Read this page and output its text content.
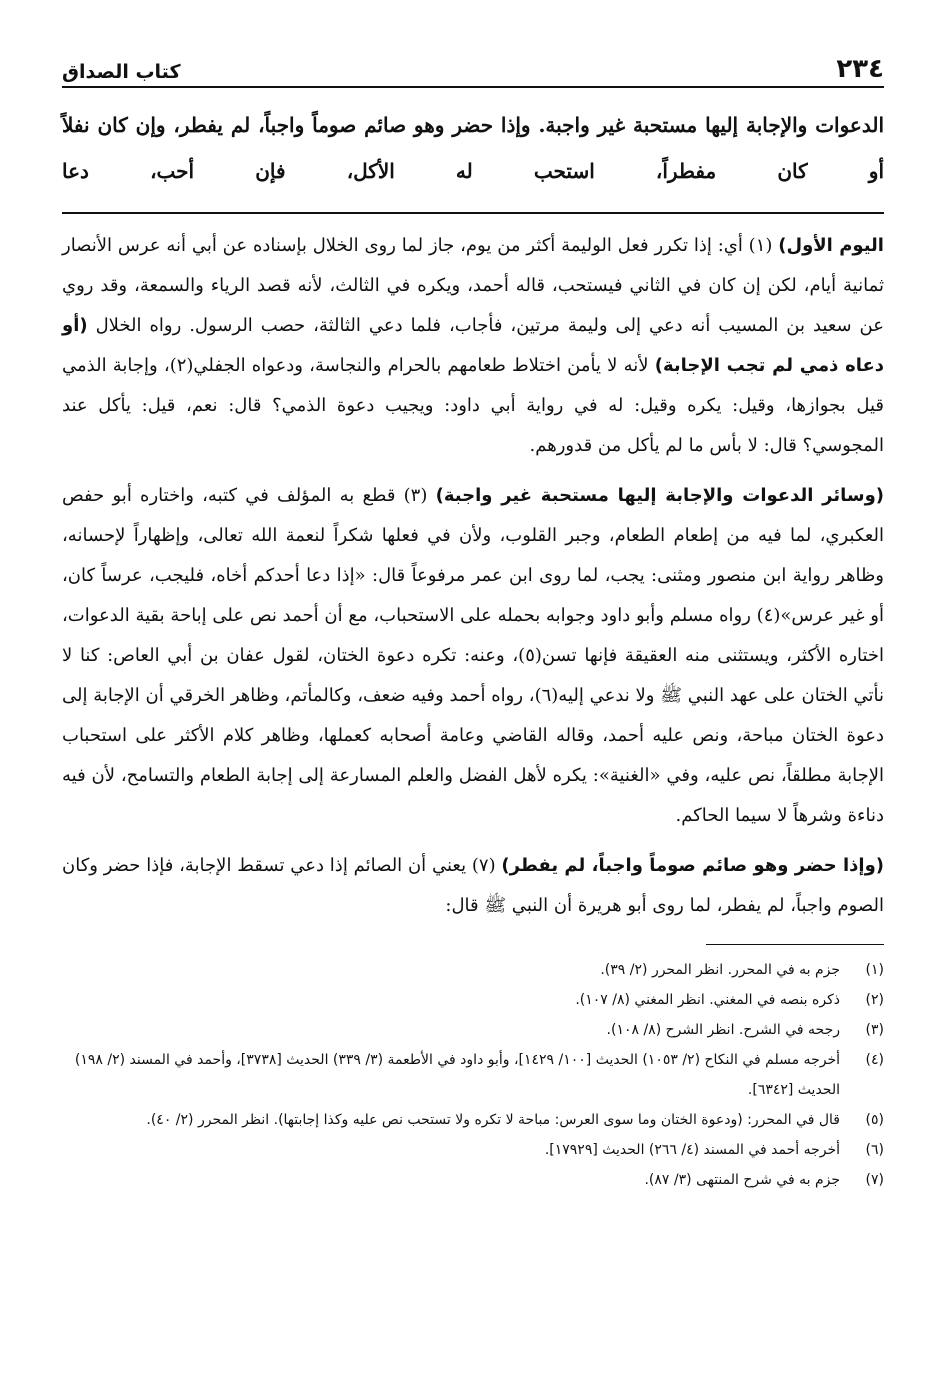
٢٣٤
كتاب الصداق
الدعوات والإجابة إليها مستحبة غير واجبة. وإذا حضر وهو صائم صوماً واجباً، لم يفطر، وإن كان نفلاً أو كان مفطراً، استحب له الأكل، فإن أحب، دعا

اليوم الأول) (١) أي: إذا تكرر فعل الوليمة أكثر من يوم، جاز لما روى الخلال بإسناده عن أبي أنه عرس الأنصار ثمانية أيام، لكن إن كان في الثاني فيستحب، قاله أحمد، ويكره في الثالث، لأنه قصد الرياء والسمعة، وقد روي عن سعيد بن المسيب أنه دعي إلى وليمة مرتين، فأجاب، فلما دعي الثالثة، حصب الرسول. رواه الخلال (أو دعاه ذمي لم تجب الإجابة) لأنه لا يأمن اختلاط طعامهم بالحرام والنجاسة، ودعواه الجفلي(٢)، وإجابة الذمي قيل بجوازها، وقيل: يكره وقيل: له في رواية أبي داود: ويجيب دعوة الذمي؟ قال: نعم، قيل: يأكل عند المجوسي؟ قال: لا بأس ما لم يأكل من قدورهم.

(وسائر الدعوات والإجابة إليها مستحبة غير واجبة) (٣) قطع به المؤلف في كتبه، واختاره أبو حفص العكبري، لما فيه من إطعام الطعام، وجبر القلوب، ولأن في فعلها شكراً لنعمة الله تعالى، وإظهاراً لإحسانه، وظاهر رواية ابن منصور ومثنى: يجب، لما روى ابن عمر مرفوعاً قال: «إذا دعا أحدكم أخاه، فليجب، عرساً كان، أو غير عرس»(٤) رواه مسلم وأبو داود وجوابه بحمله على الاستحباب، مع أن أحمد نص على إباحة بقية الدعوات، اختاره الأكثر، ويستثنى منه العقيقة فإنها تسن(٥)، وعنه: تكره دعوة الختان، لقول عفان بن أبي العاص: كنا لا نأتي الختان على عهد النبي ﷺ ولا ندعي إليه(٦)، رواه أحمد وفيه ضعف، وكالمأتم، وظاهر الخرقي أن الإجابة إلى دعوة الختان مباحة، ونص عليه أحمد، وقاله القاضي وعامة أصحابه كعملها، وظاهر كلام الأكثر على استحباب الإجابة مطلقاً، نص عليه، وفي «الغنية»: يكره لأهل الفضل والعلم المسارعة إلى إجابة الطعام والتسامح، لأن فيه دناءة وشرهاً لا سيما الحاكم.

(وإذا حضر وهو صائم صوماً واجباً، لم يفطر) (٧) يعني أن الصائم إذا دعي تسقط الإجابة، فإذا حضر وكان الصوم واجباً، لم يفطر، لما روى أبو هريرة أن النبي ﷺ قال:

(١)
جزم به في المحرر. انظر المحرر (٢/ ٣٩).
(٢)
ذكره بنصه في المغني. انظر المغني (٨/ ١٠٧).
(٣)
رجحه في الشرح. انظر الشرح (٨/ ١٠٨).
(٤)
أخرجه مسلم في النكاح (٢/ ١٠٥٣) الحديث [١٠٠/ ١٤٢٩]، وأبو داود في الأطعمة (٣/ ٣٣٩) الحديث [٣٧٣٨]، وأحمد في المسند (٢/ ١٩٨) الحديث [٦٣٤٢].
(٥)
قال في المحرر: (ودعوة الختان وما سوى العرس: مباحة لا تكره ولا تستحب نص عليه وكذا إجابتها). انظر المحرر (٢/ ٤٠).
(٦)
أخرجه أحمد في المسند (٤/ ٢٦٦) الحديث [١٧٩٢٩].
(٧)
جزم به في شرح المنتهى (٣/ ٨٧).
